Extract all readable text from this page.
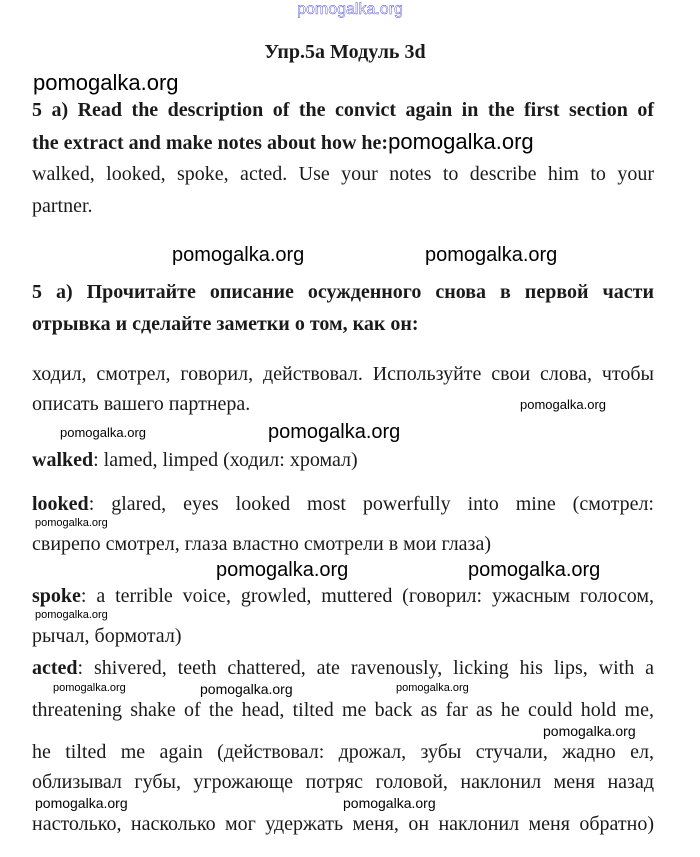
pomogalka.org
Упр.5а Модуль 3d
pomogalka.org
5 a) Read the description of the convict again in the first section of
the extract and make notes about how he:pomogalka.org
walked, looked, spoke, acted. Use your notes to describe him to your
partner.
pomogalka.org	pomogalka.org
5 а) Прочитайте описание осужденного снова в первой части
отрывка и сделайте заметки о том, как он:
ходил, смотрел, говорил, действовал. Используйте свои слова, чтобы
описать вашего партнера.	pomogalka.org
pomogalka.org	pomogalka.org
walked: lamed, limped (ходил: хромал)
looked: glared, eyes looked most powerfully into mine (смотрел:
pomogalka.org
свирепо смотрел, глаза властно смотрели в мои глаза)
pomogalka.org	pomogalka.org
spoke: a terrible voice, growled, muttered (говорил: ужасным голосом,
pomogalka.org
рычал, бормотал)
acted: shivered, teeth chattered, ate ravenously, licking his lips, with a
pomogalka.org	pomogalka.org	pomogalka.org
threatening shake of the head, tilted me back as far as he could hold me,
pomogalka.org
he tilted me again (действовал: дрожал, зубы стучали, жадно ел,
облизывал губы, угрожающе потряс головой, наклонил меня назад
pomogalka.org	pomogalka.org
настолько, насколько мог удержать меня, он наклонил меня обратно)
